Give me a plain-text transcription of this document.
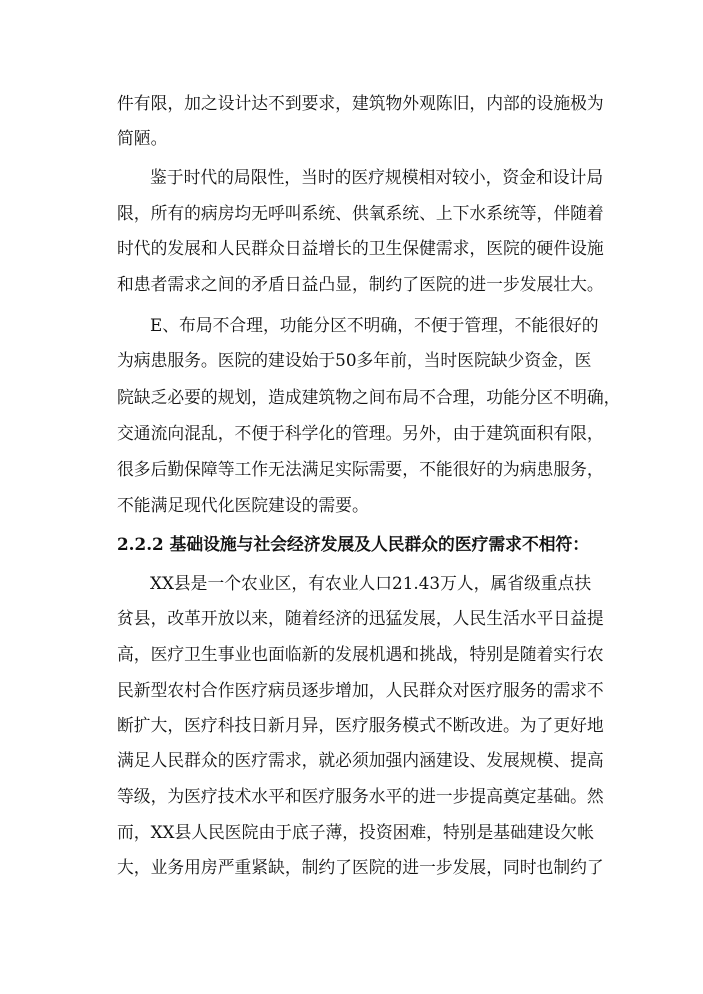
件有限，加之设计达不到要求，建筑物外观陈旧，内部的设施极为
简陋。
鉴于时代的局限性，当时的医疗规模相对较小，资金和设计局
限，所有的病房均无呼叫系统、供氧系统、上下水系统等，伴随着
时代的发展和人民群众日益增长的卫生保健需求，医院的硬件设施
和患者需求之间的矛盾日益凸显，制约了医院的进一步发展壮大。
E、布局不合理，功能分区不明确，不便于管理，不能很好的
为病患服务。医院的建设始于50多年前，当时医院缺少资金，医
院缺乏必要的规划，造成建筑物之间布局不合理，功能分区不明确，
交通流向混乱，不便于科学化的管理。另外，由于建筑面积有限，
很多后勤保障等工作无法满足实际需要，不能很好的为病患服务，
不能满足现代化医院建设的需要。
2.2.2 基础设施与社会经济发展及人民群众的医疗需求不相符：
XX县是一个农业区，有农业人口21.43万人，属省级重点扶
贫县，改革开放以来，随着经济的迅猛发展，人民生活水平日益提
高，医疗卫生事业也面临新的发展机遇和挑战，特别是随着实行农
民新型农村合作医疗病员逐步增加，人民群众对医疗服务的需求不
断扩大，医疗科技日新月异，医疗服务模式不断改进。为了更好地
满足人民群众的医疗需求，就必须加强内涵建设、发展规模、提高
等级，为医疗技术水平和医疗服务水平的进一步提高奠定基础。然
而，XX县人民医院由于底子薄，投资困难，特别是基础建设欠帐
大，业务用房严重紧缺，制约了医院的进一步发展，同时也制约了
